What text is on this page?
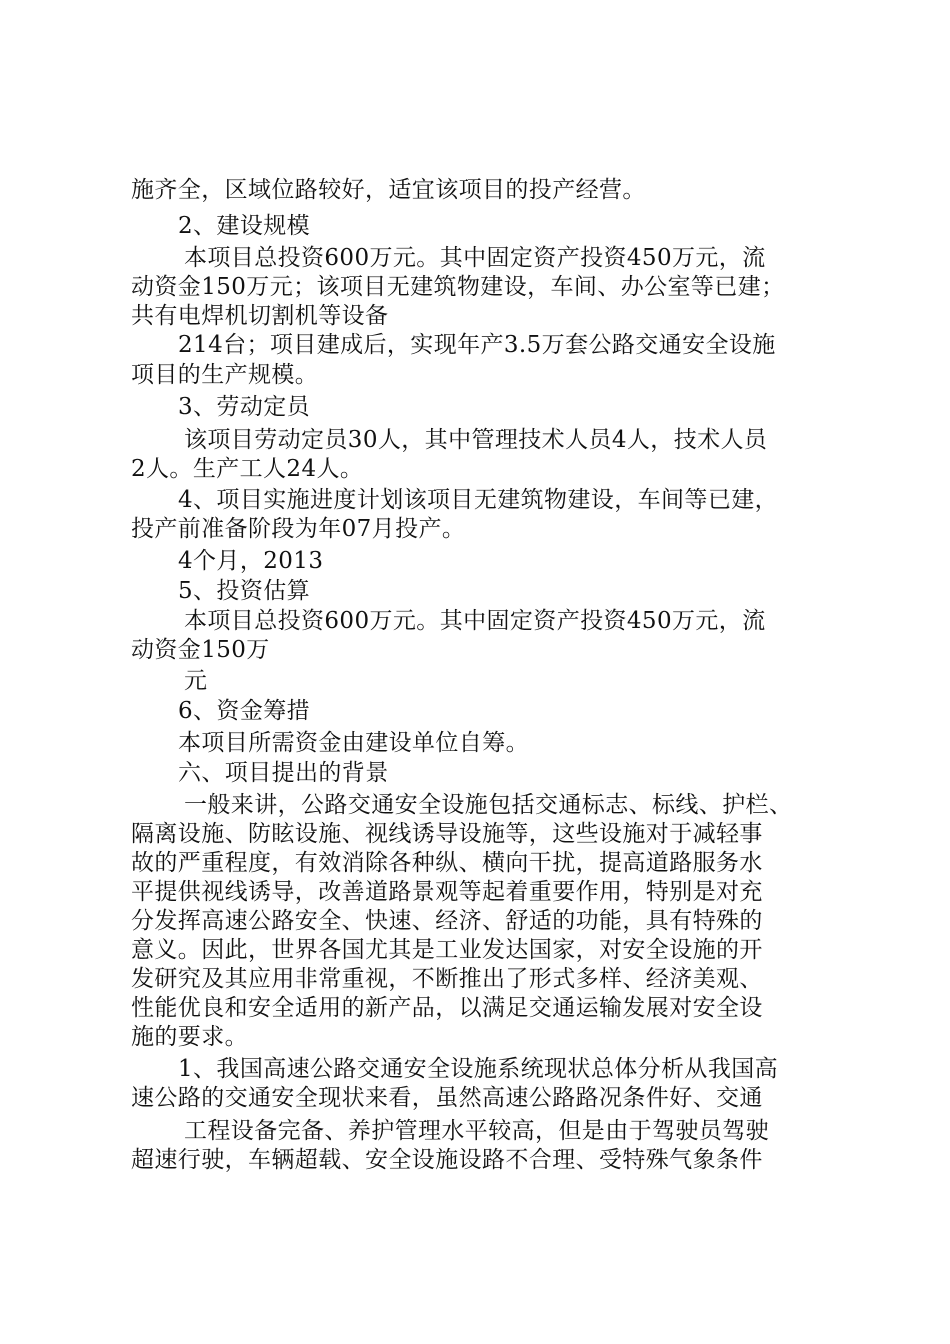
施齐全，区域位路较好，适宜该项目的投产经营。
2、建设规模
本项目总投资600万元。其中固定资产投资450万元，流
动资金150万元；该项目无建筑物建设，车间、办公室等已建；
共有电焊机切割机等设备
214台；项目建成后，实现年产3.5万套公路交通安全设施
项目的生产规模。
3、劳动定员
该项目劳动定员30人，其中管理技术人员4人，技术人员
2人。生产工人24人。
4、项目实施进度计划该项目无建筑物建设，车间等已建，
投产前准备阶段为年07月投产。
4个月，2013
5、投资估算
本项目总投资600万元。其中固定资产投资450万元，流
动资金150万
元
6、资金筹措
本项目所需资金由建设单位自筹。
六、项目提出的背景
一般来讲，公路交通安全设施包括交通标志、标线、护栏、
隔离设施、防眩设施、视线诱导设施等，这些设施对于减轻事
故的严重程度，有效消除各种纵、横向干扰，提高道路服务水
平提供视线诱导，改善道路景观等起着重要作用，特别是对充
分发挥高速公路安全、快速、经济、舒适的功能，具有特殊的
意义。因此，世界各国尤其是工业发达国家，对安全设施的开
发研究及其应用非常重视，不断推出了形式多样、经济美观、
性能优良和安全适用的新产品，以满足交通运输发展对安全设
施的要求。
1、我国高速公路交通安全设施系统现状总体分析从我国高
速公路的交通安全现状来看，虽然高速公路路况条件好、交通
工程设备完备、养护管理水平较高，但是由于驾驶员驾驶
超速行驶，车辆超载、安全设施设路不合理、受特殊气象条件
